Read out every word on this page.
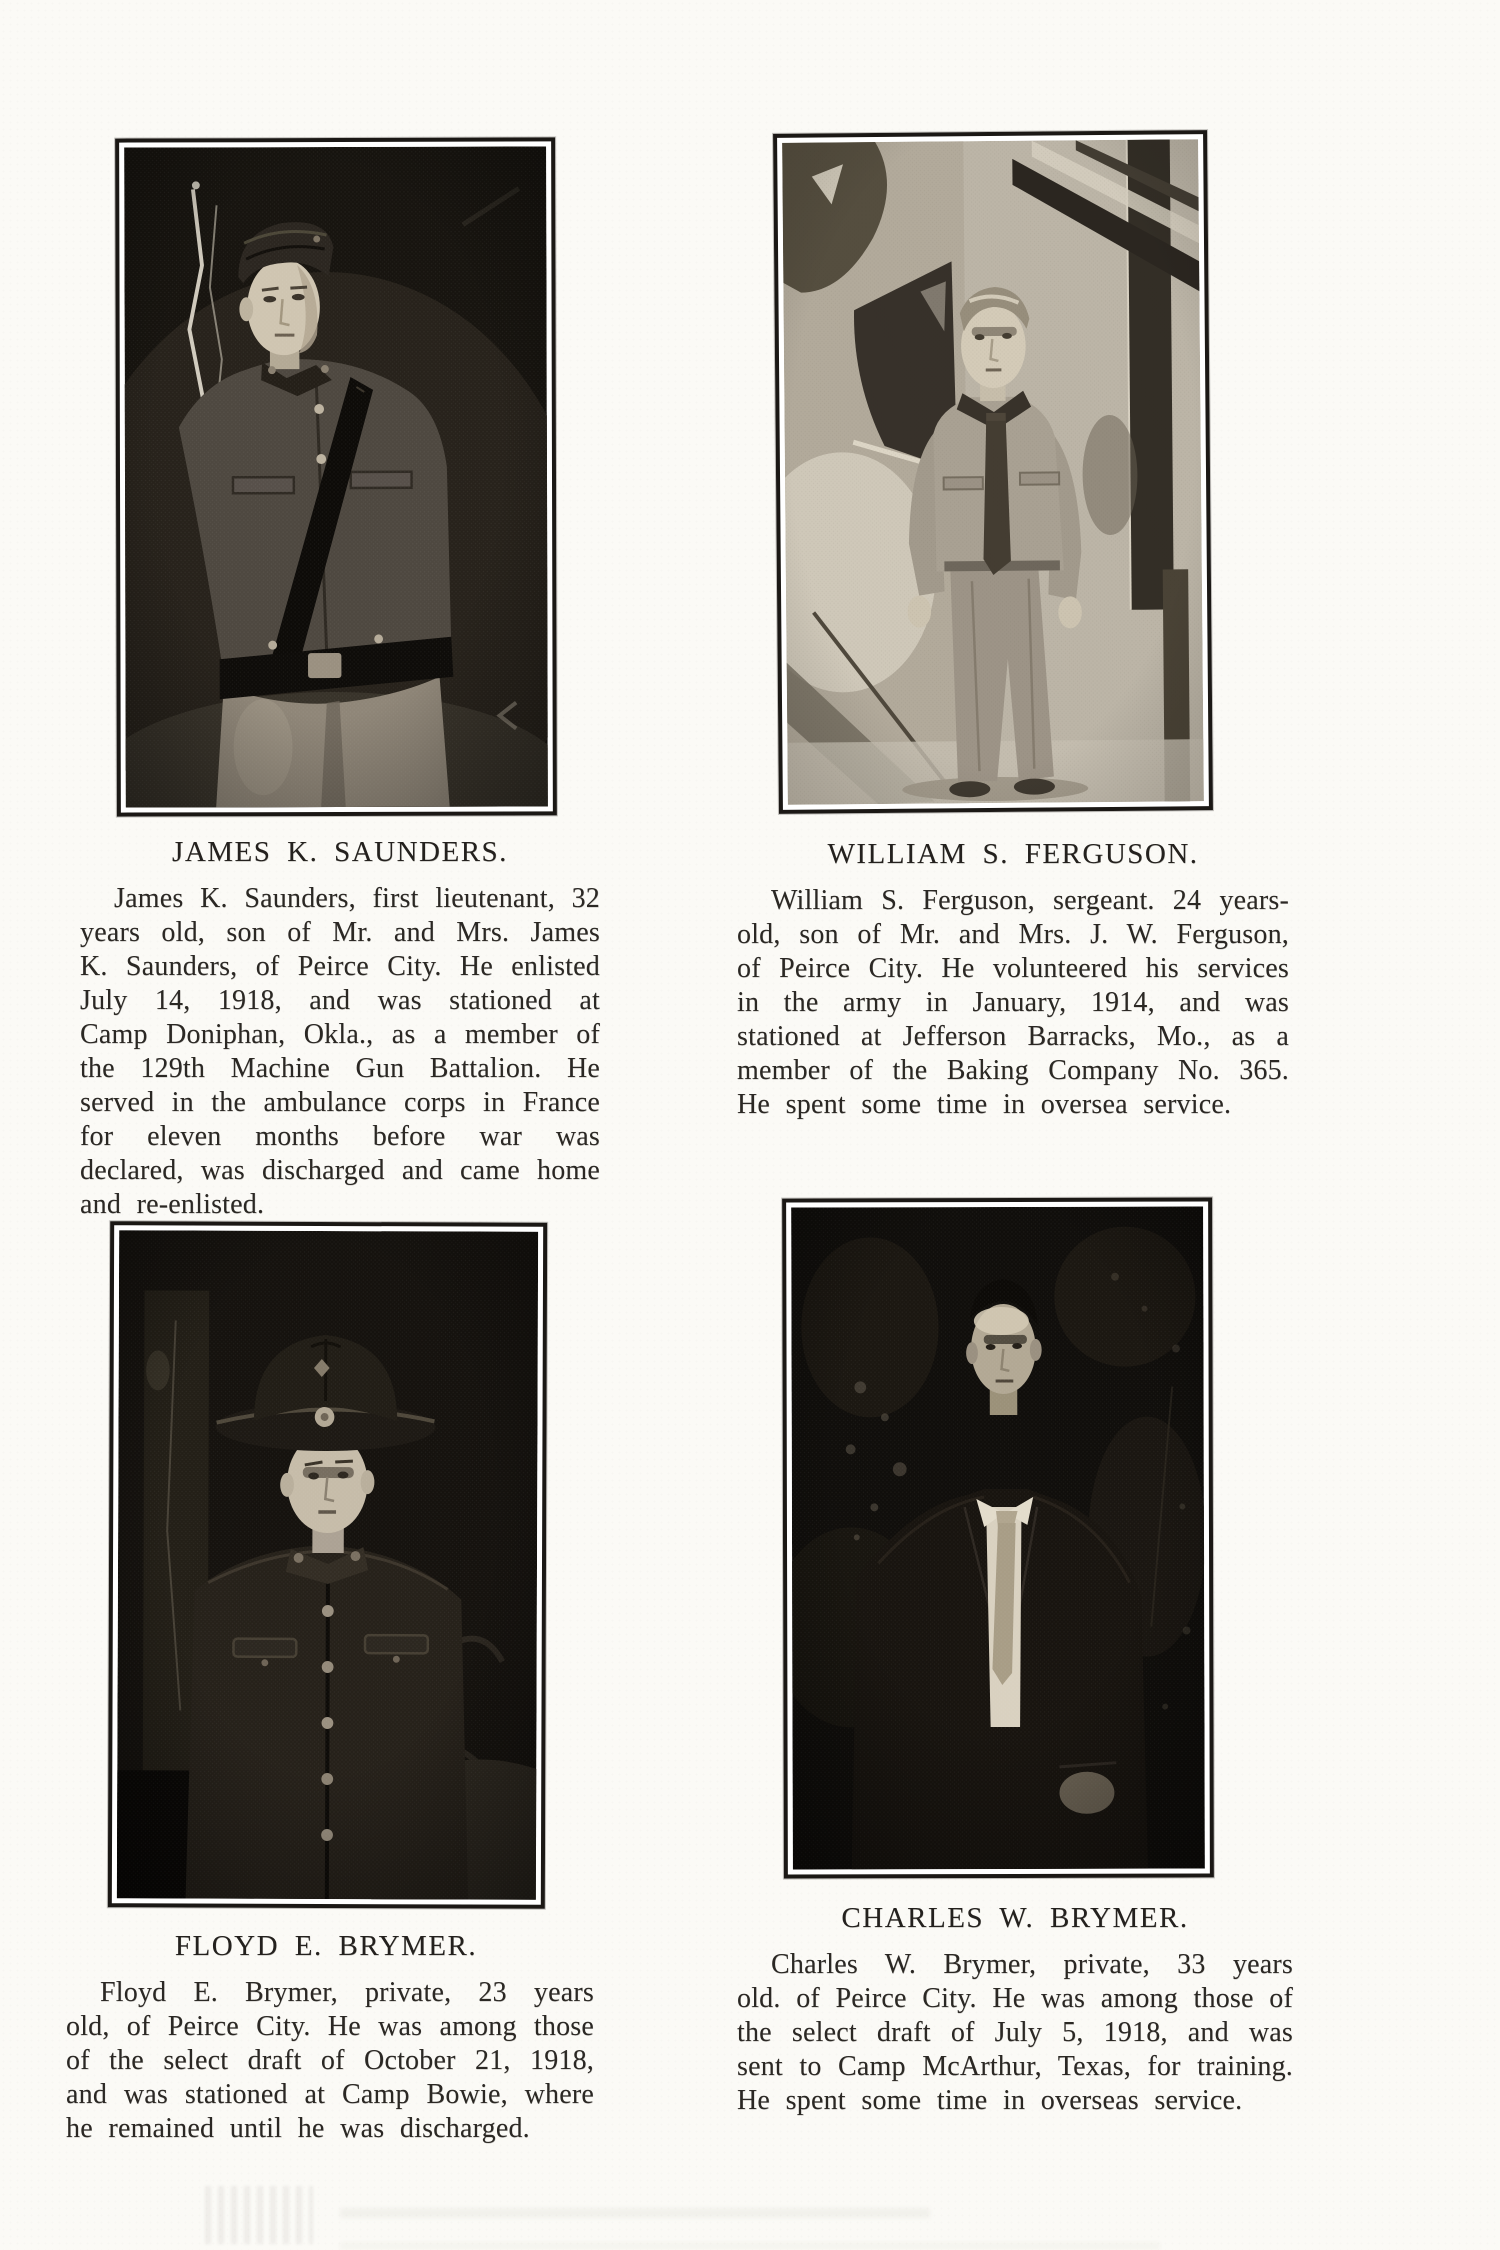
JAMES K. SAUNDERS.
James K. Saunders, first lieutenant, 32 years old, son of Mr. and Mrs. James K. Saunders, of Peirce City. He enlisted July 14, 1918, and was stationed at Camp Doniphan, Okla., as a member of the 129th Machine Gun Battalion. He served in the ambulance corps in France for eleven months before war was declared, was discharged and came home and re-enlisted.
WILLIAM S. FERGUSON.
William S. Ferguson, sergeant. 24 years-old, son of Mr. and Mrs. J. W. Ferguson, of Peirce City. He volunteered his services in the army in January, 1914, and was stationed at Jefferson Barracks, Mo., as a member of the Baking Company No. 365. He spent some time in oversea service.
FLOYD E. BRYMER.
Floyd E. Brymer, private, 23 years old, of Peirce City. He was among those of the select draft of October 21, 1918, and was stationed at Camp Bowie, where he remained until he was discharged.
CHARLES W. BRYMER.
Charles W. Brymer, private, 33 years old. of Peirce City. He was among those of the select draft of July 5, 1918, and was sent to Camp McArthur, Texas, for training. He spent some time in overseas service.
